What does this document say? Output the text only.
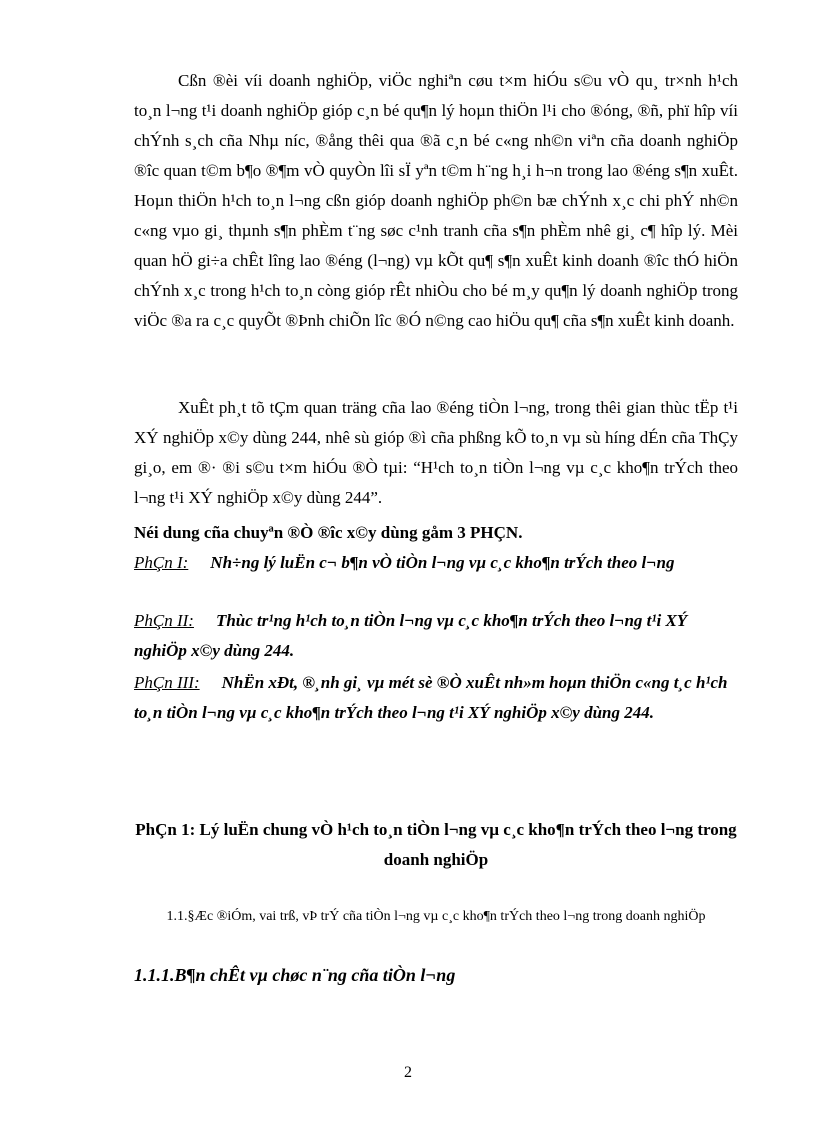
Cßn ®èi víi doanh nghiÖp, viÖc nghiªn cøu t×m hiÓu s©u vÒ qu¸ tr×nh h¹ch to¸n l¬ng t¹i doanh nghiÖp gióp c¸n bé qu¶n lý hoµn thiÖn l¹i cho ®óng, ®ñ, phï hîp víi chÝnh s¸ch cña Nhµ níc, ®ång thêi qua ®ã c¸n bé c«ng nh©n viªn cña doanh nghiÖp ®îc quan t©m b¶o ®¶m vÒ quyÒn lîi sÏ yªn t©m h¨ng h¸i h¬n trong lao ®éng s¶n xuÊt. Hoµn thiÖn h¹ch to¸n l¬ng cßn gióp doanh nghiÖp ph©n bæ chÝnh x¸c chi phÝ nh©n c«ng vµo gi¸ thµnh s¶n phÈm t¨ng søc c¹nh tranh cña s¶n phÈm nhê gi¸ c¶ hîp lý. Mèi quan hÖ gi÷a chÊt lîng lao ®éng (l¬ng) vµ kÕt qu¶ s¶n xuÊt kinh doanh ®îc thÓ hiÖn chÝnh x¸c trong h¹ch to¸n còng gióp rÊt nhiÒu cho bé m¸y qu¶n lý doanh nghiÖp trong viÖc ®a ra c¸c quyÕt ®Þnh chiÕn lîc ®Ó n©ng cao hiÖu qu¶ cña s¶n xuÊt kinh doanh.

XuÊt ph¸t tõ tÇm quan träng cña lao ®éng tiÒn l¬ng, trong thêi gian thùc tËp t¹i XÝ nghiÖp x©y dùng 244, nhê sù gióp ®ì cña phßng kÕ to¸n vµ sù híng dÉn cña ThÇy gi¸o, em ®· ®i s©u t×m hiÓu ®Ò tµi: “H¹ch to¸n tiÒn l¬ng vµ c¸c kho¶n trÝch theo l¬ng t¹i XÝ nghiÖp x©y dùng 244”.

Néi dung cña chuyªn ®Ò ®îc x©y dùng gåm 3 PHÇN.

PhÇn I: Nh÷ng lý luËn c¬ b¶n vÒ tiÒn l¬ng vµ c¸c kho¶n trÝch theo l¬ng

PhÇn II: Thùc tr¹ng h¹ch to¸n tiÒn l¬ng vµ c¸c kho¶n trÝch theo l¬ng t¹i XÝ nghiÖp x©y dùng 244.

PhÇn III: NhËn xÐt, ®¸nh gi¸ vµ mét sè ®Ò xuÊt nh»m hoµn thiÖn c«ng t¸c h¹ch to¸n tiÒn l¬ng vµ c¸c kho¶n trÝch theo l¬ng t¹i XÝ nghiÖp x©y dùng 244.

PhÇn 1: Lý luËn chung vÒ h¹ch to¸n tiÒn l¬ng vµ c¸c kho¶n trÝch theo l¬ng trong doanh nghiÖp

1.1.§Æc ®iÓm, vai trß, vÞ trÝ cña tiÒn l¬ng vµ c¸c kho¶n trÝch theo l¬ng trong doanh nghiÖp

1.1.1.B¶n chÊt vµ chøc n¨ng cña tiÒn l¬ng

2
